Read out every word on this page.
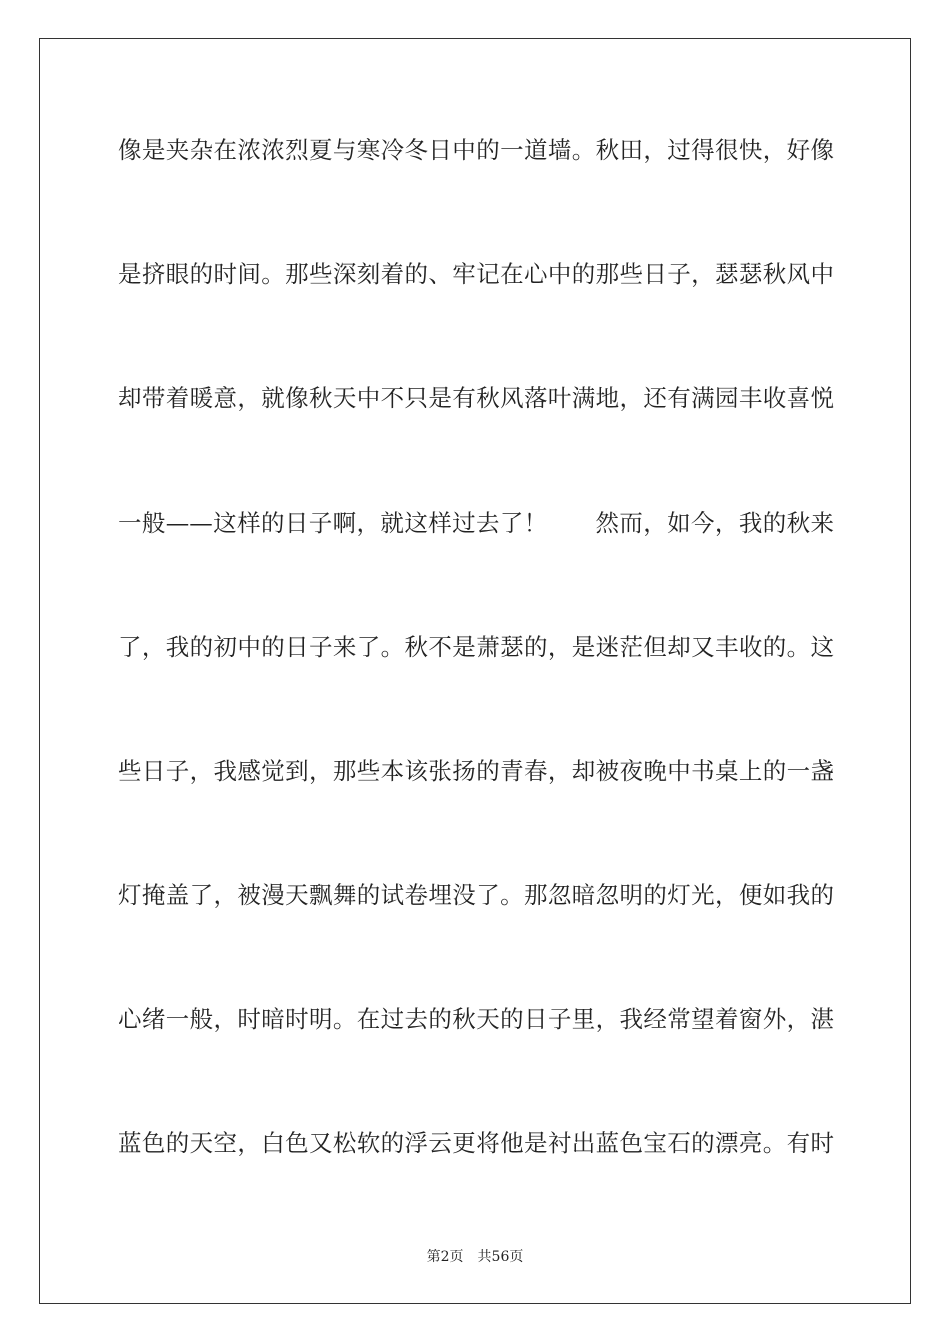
像是夹杂在浓浓烈夏与寒冷冬日中的一道墙。秋田，过得很快，好像
是挤眼的时间。那些深刻着的、牢记在心中的那些日子，瑟瑟秋风中
却带着暖意，就像秋天中不只是有秋风落叶满地，还有满园丰收喜悦
一般——这样的日子啊，就这样过去了！　　然而，如今，我的秋来
了，我的初中的日子来了。秋不是萧瑟的，是迷茫但却又丰收的。这
些日子，我感觉到，那些本该张扬的青春，却被夜晚中书桌上的一盏
灯掩盖了，被漫天飘舞的试卷埋没了。那忽暗忽明的灯光，便如我的
心绪一般，时暗时明。在过去的秋天的日子里，我经常望着窗外，湛
蓝色的天空，白色又松软的浮云更将他是衬出蓝色宝石的漂亮。有时
第2页　共56页
